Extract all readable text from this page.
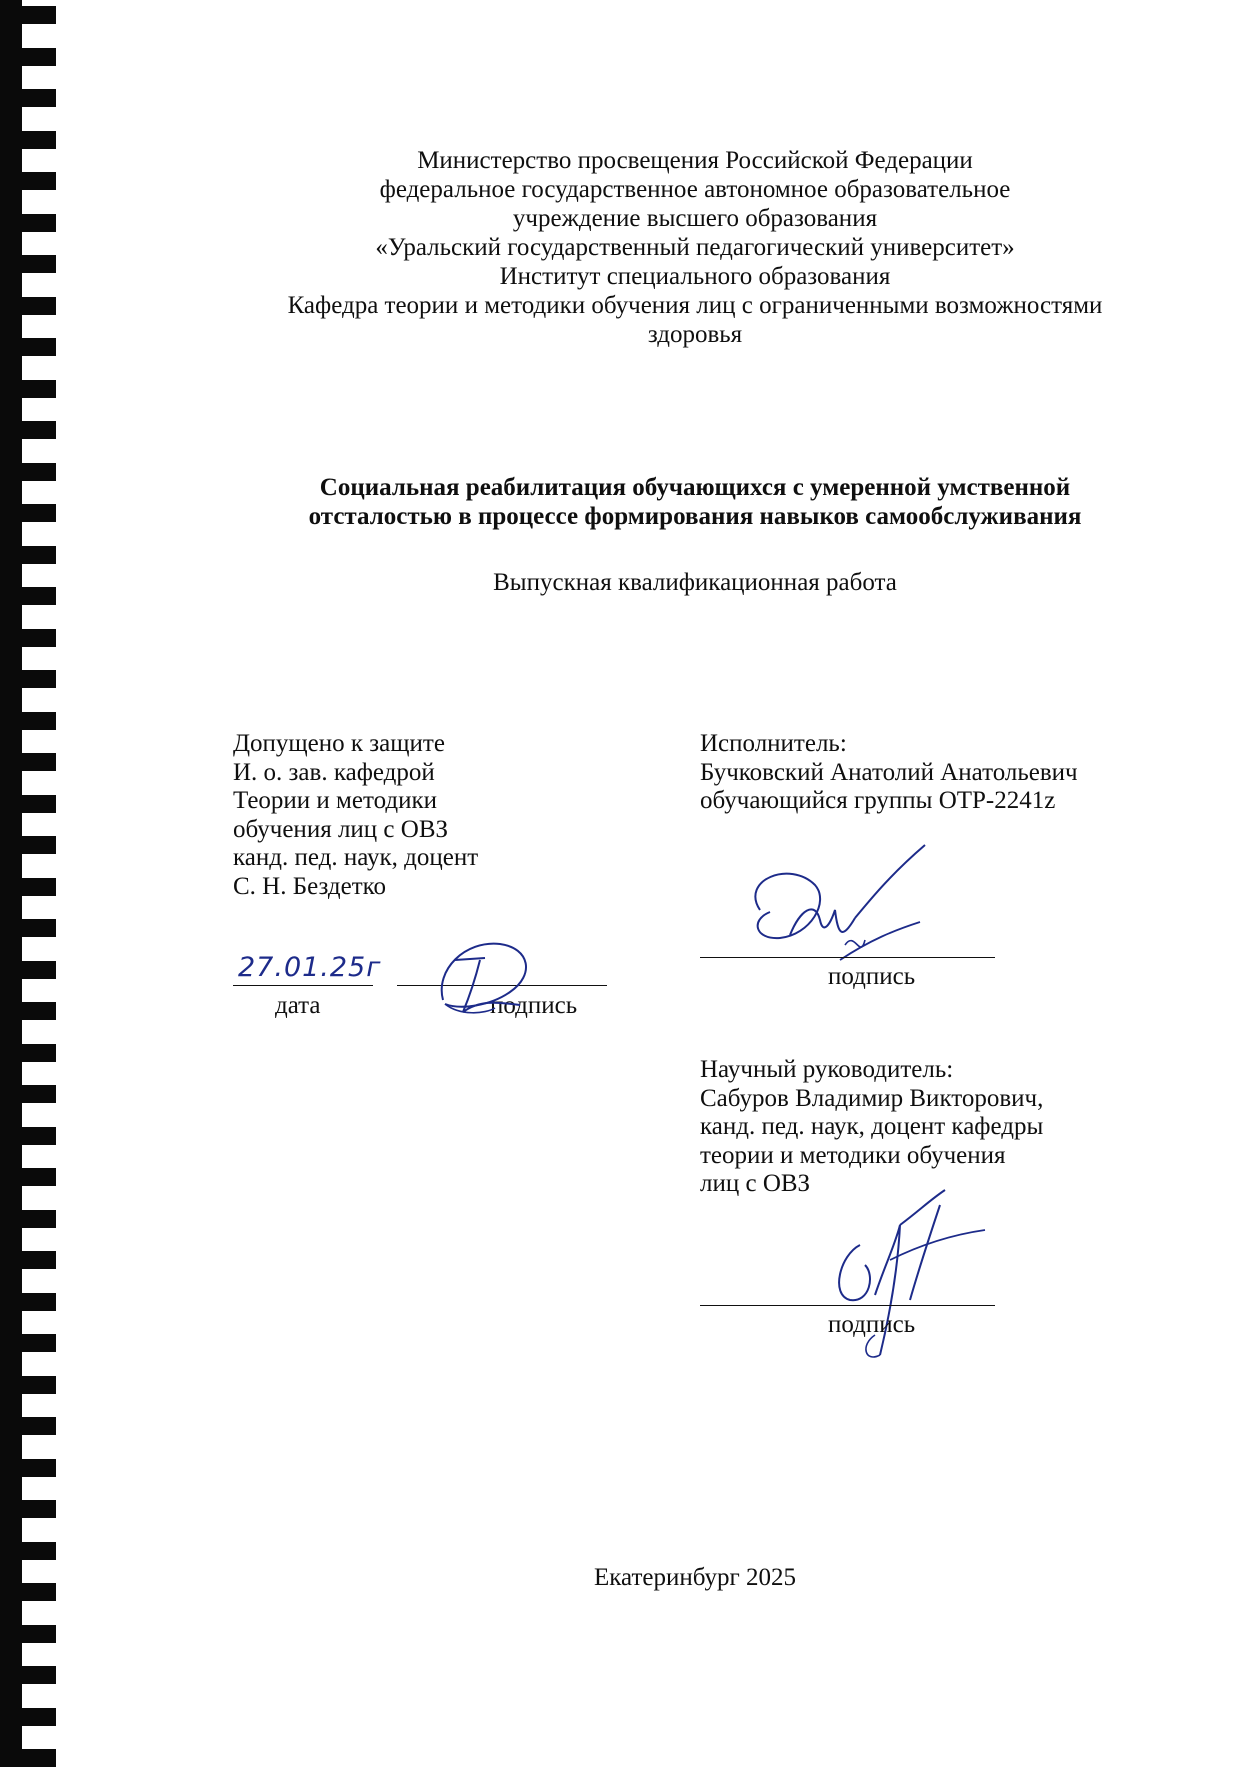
Министерство просвещения Российской Федерации
федеральное государственное автономное образовательное
учреждение высшего образования
«Уральский государственный педагогический университет»
Институт специального образования
Кафедра теории и методики обучения лиц с ограниченными возможностями
здоровья
Социальная реабилитация обучающихся с умеренной умственной
отсталостью в процессе формирования навыков самообслуживания
Выпускная квалификационная работа
Допущено к защите
И. о. зав. кафедрой
Теории и методики
обучения лиц с ОВЗ
канд. пед. наук, доцент
С. Н. Бездетко
27.01.25г
дата	подпись
Исполнитель:
Бучковский Анатолий Анатольевич
обучающийся группы ОТР-2241z
подпись
Научный руководитель:
Сабуров Владимир Викторович,
канд. пед. наук, доцент кафедры
теории и методики обучения
лиц с ОВЗ
подпись
Екатеринбург 2025
